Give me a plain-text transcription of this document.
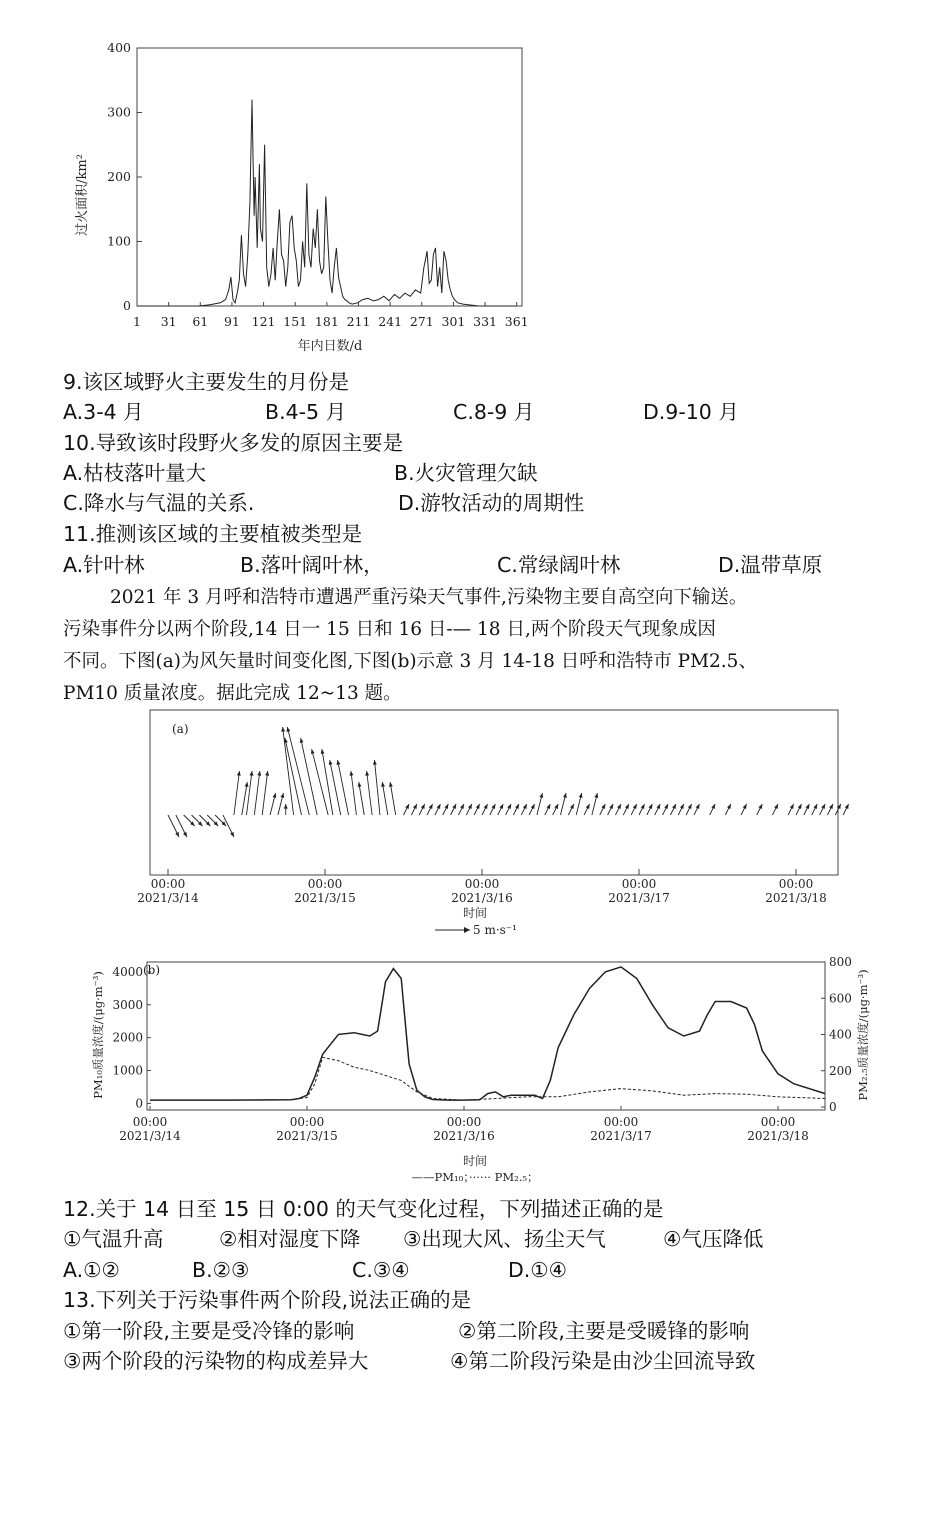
0
100
200
300
400
1 31 61 91 121 151 181 211 241 271 301 331 361
过火面积/km²
年内日数/d
9.该区域野火主要发生的月份是
A.3-4 月	B.4-5 月	C.8-9 月	D.9-10 月
10.导致该时段野火多发的原因主要是
A.枯枝落叶量大	B.火灾管理欠缺
C.降水与气温的关系.	D.游牧活动的周期性
11.推测该区域的主要植被类型是
A.针叶林	B.落叶阔叶林，	C.常绿阔叶林	D.温带草原
2021 年 3 月呼和浩特市遭遇严重污染天气事件,污染物主要自高空向下输送。
污染事件分以两个阶段,14 日一 15 日和 16 日-— 18 日,两个阶段天气现象成因
不同。下图(a)为风矢量时间变化图,下图(b)示意 3 月 14-18 日呼和浩特市 PM2.5、
PM10 质量浓度。据此完成 12~13 题。
(a)
00:00
2021/3/14
00:00
2021/3/15
00:00
2021/3/16
00:00
2021/3/17
00:00
2021/3/18
时间
5 m·s⁻¹
0
1000
2000
3000
4000
0
200
400
600
800
00:00
2021/3/14
00:00
2021/3/15
00:00
2021/3/16
00:00
2021/3/17
00:00
2021/3/18
(b)
PM₁₀质量浓度/(μg·m⁻³)	PM₂.₅质量浓度/(μg·m⁻³)
时间
——PM₁₀；······ PM₂.₅；
12.关于 14 日至 15 日 0:00 的天气变化过程，下列描述正确的是
①气温升高	②相对湿度下降 ③出现大风、扬尘天气	④气压降低
A.①②	B.②③	C.③④	D.①④
13.下列关于污染事件两个阶段,说法正确的是
①第一阶段,主要是受冷锋的影响	②第二阶段,主要是受暖锋的影响
③两个阶段的污染物的构成差异大	④第二阶段污染是由沙尘回流导致
